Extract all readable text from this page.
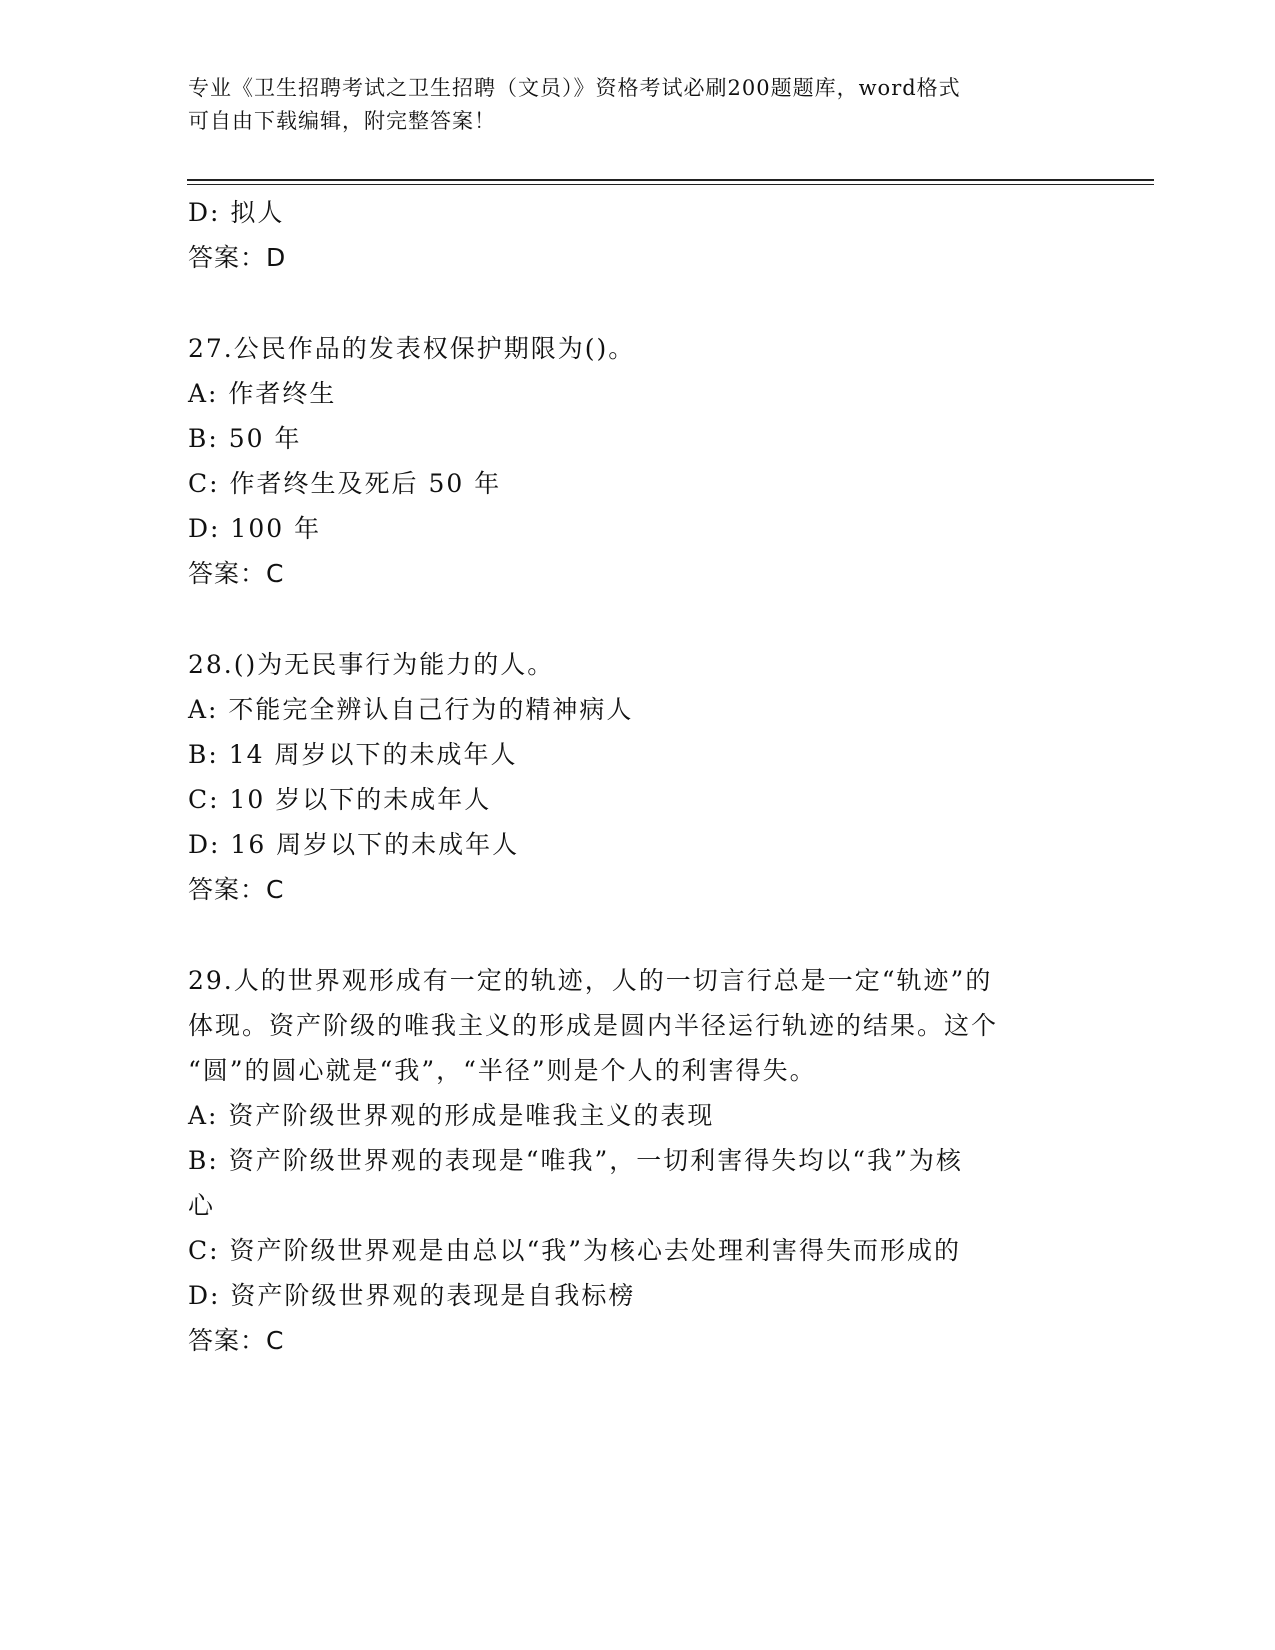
专业《卫生招聘考试之卫生招聘（文员）》资格考试必刷200题题库，word格式
可自由下载编辑，附完整答案！
D: 拟人
答案：D
27.公民作品的发表权保护期限为()。
A: 作者终生
B: 50 年
C: 作者终生及死后 50 年
D: 100 年
答案：C
28.()为无民事行为能力的人。
A: 不能完全辨认自己行为的精神病人
B: 14 周岁以下的未成年人
C: 10 岁以下的未成年人
D: 16 周岁以下的未成年人
答案：C
29.人的世界观形成有一定的轨迹，人的一切言行总是一定“轨迹”的
体现。资产阶级的唯我主义的形成是圆内半径运行轨迹的结果。这个
“圆”的圆心就是“我”，“半径”则是个人的利害得失。
A: 资产阶级世界观的形成是唯我主义的表现
B: 资产阶级世界观的表现是“唯我”，一切利害得失均以“我”为核
心
C: 资产阶级世界观是由总以“我”为核心去处理利害得失而形成的
D: 资产阶级世界观的表现是自我标榜
答案：C
